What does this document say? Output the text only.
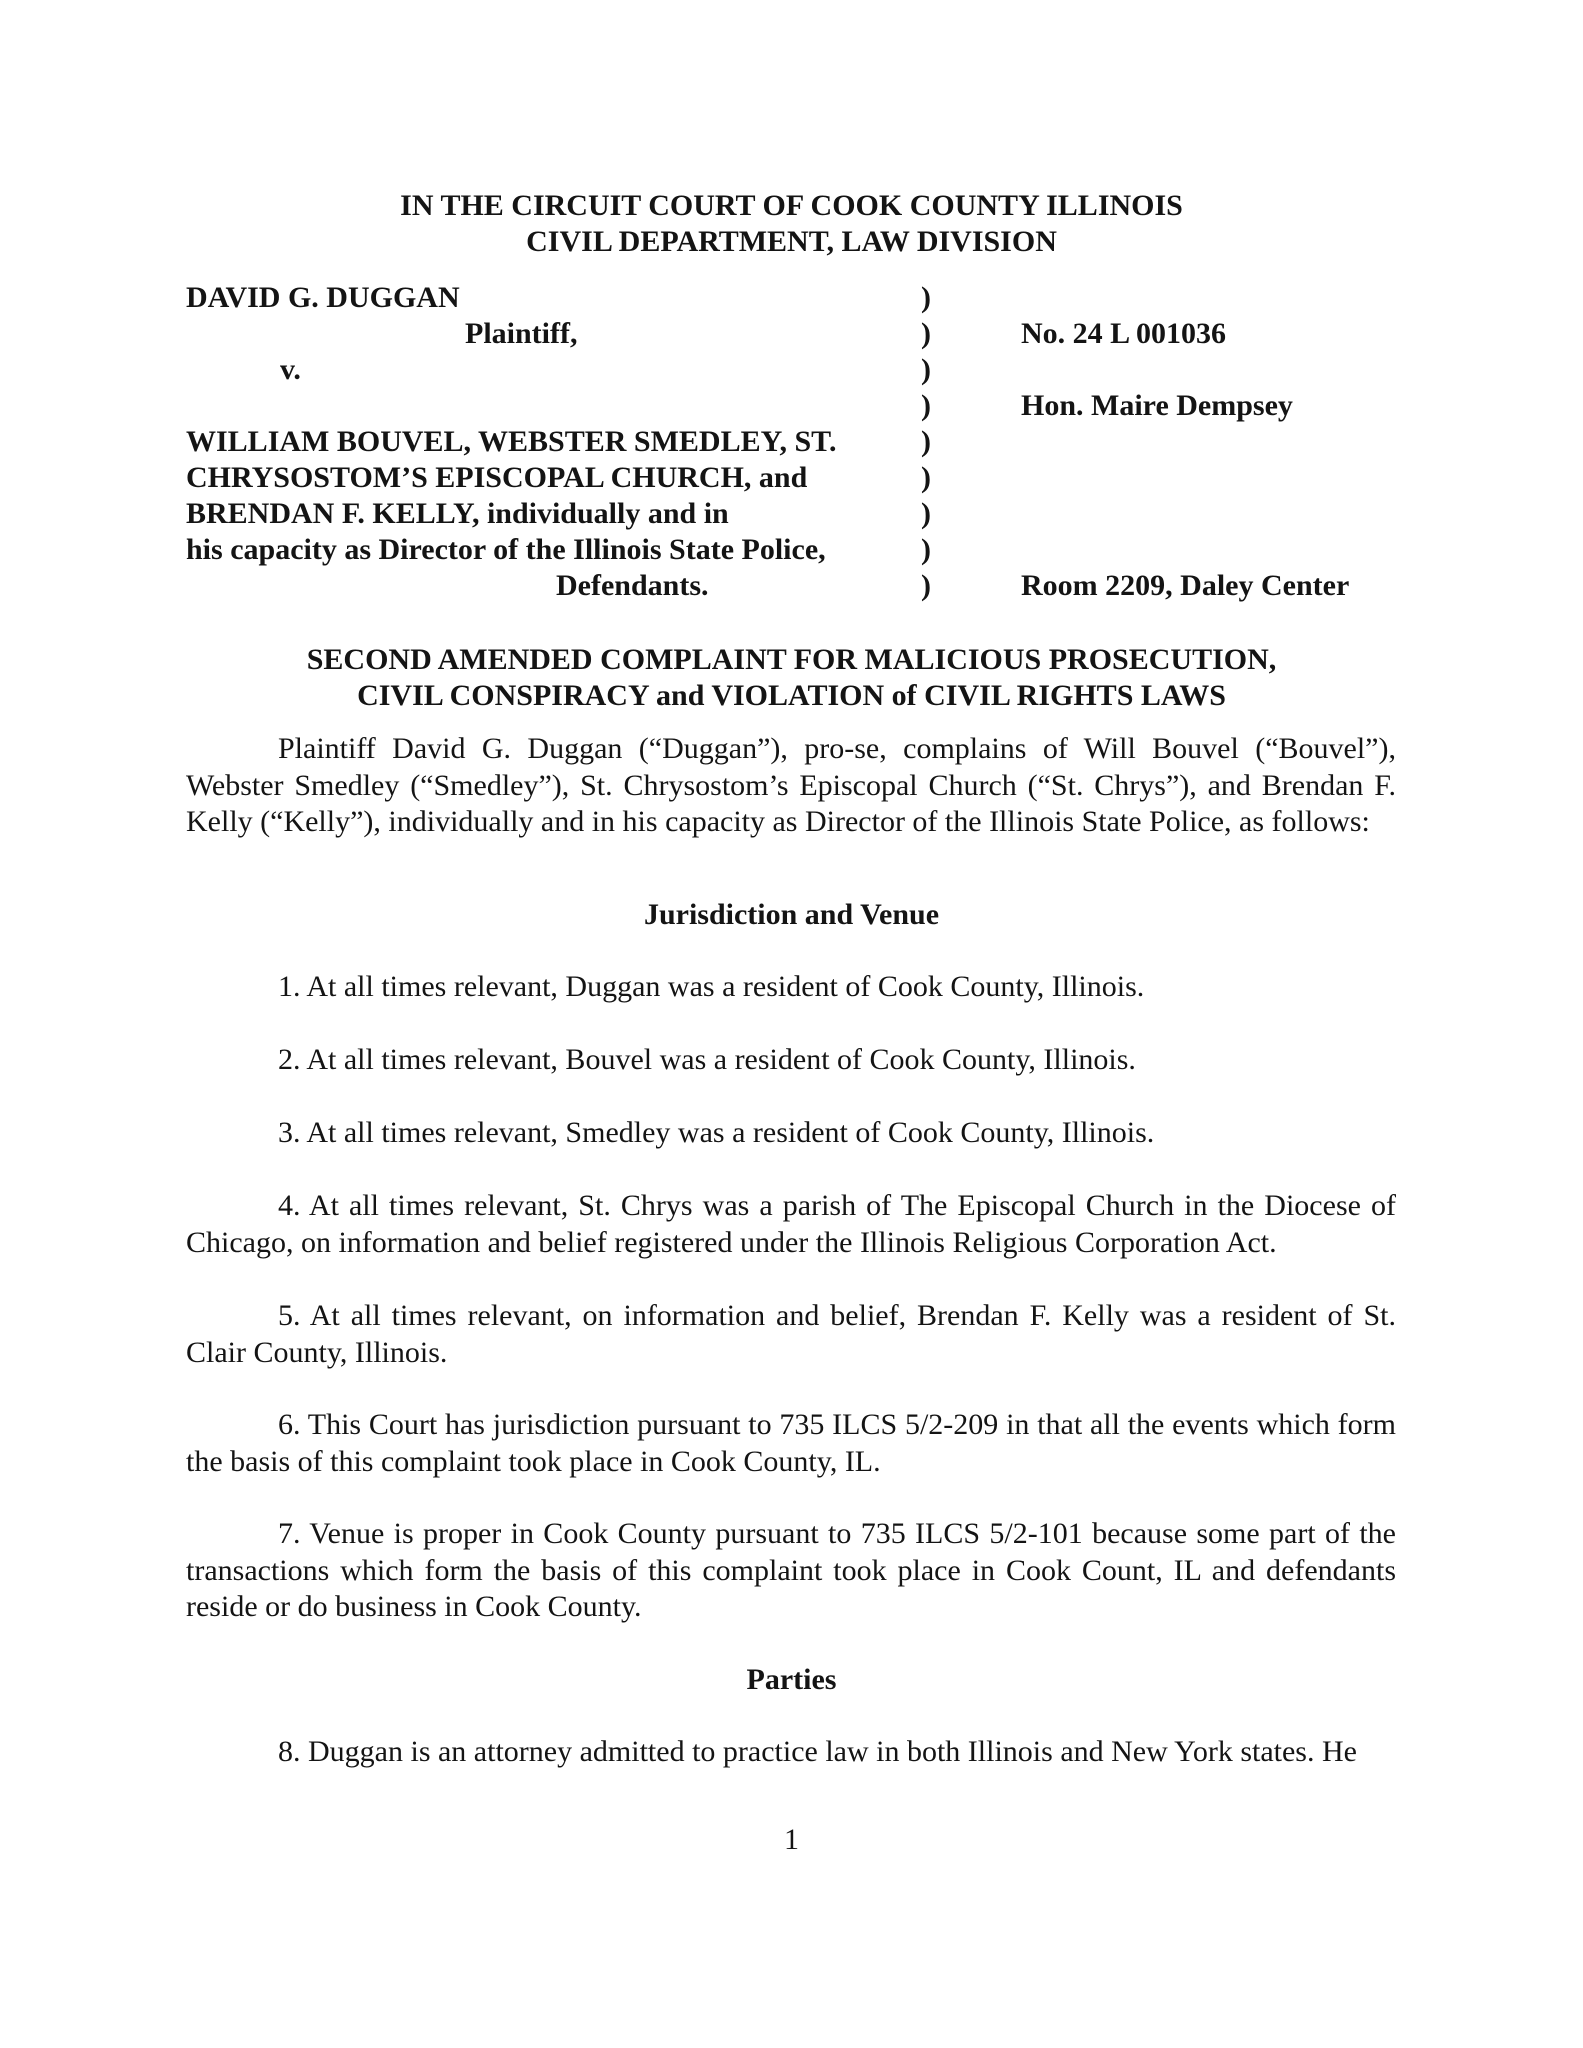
IN THE CIRCUIT COURT OF COOK COUNTY ILLINOIS
CIVIL DEPARTMENT, LAW DIVISION
DAVID G. DUGGAN
Plaintiff,
v.
WILLIAM BOUVEL, WEBSTER SMEDLEY, ST.
CHRYSOSTOM’S EPISCOPAL CHURCH, and
BRENDAN F. KELLY, individually and in
his capacity as Director of the Illinois State Police,
Defendants.
)
)
)
)
)
)
)
)
)
No. 24 L 001036
Hon. Maire Dempsey
Room 2209, Daley Center
SECOND AMENDED COMPLAINT FOR MALICIOUS PROSECUTION,
CIVIL CONSPIRACY and VIOLATION of CIVIL RIGHTS LAWS
Plaintiff David G. Duggan (“Duggan”), pro-se, complains of Will Bouvel (“Bouvel”), Webster Smedley (“Smedley”), St. Chrysostom’s Episcopal Church (“St. Chrys”), and Brendan F. Kelly (“Kelly”), individually and in his capacity as Director of the Illinois State Police, as follows:
Jurisdiction and Venue
1. At all times relevant, Duggan was a resident of Cook County, Illinois.
2. At all times relevant, Bouvel was a resident of Cook County, Illinois.
3. At all times relevant, Smedley was a resident of Cook County, Illinois.
4. At all times relevant, St. Chrys was a parish of The Episcopal Church in the Diocese of Chicago, on information and belief registered under the Illinois Religious Corporation Act.
5. At all times relevant, on information and belief, Brendan F. Kelly was a resident of St. Clair County, Illinois.
6. This Court has jurisdiction pursuant to 735 ILCS 5/2-209 in that all the events which form the basis of this complaint took place in Cook County, IL.
7. Venue is proper in Cook County pursuant to 735 ILCS 5/2-101 because some part of the transactions which form the basis of this complaint took place in Cook Count, IL and defendants reside or do business in Cook County.
Parties
8. Duggan is an attorney admitted to practice law in both Illinois and New York states. He
1
